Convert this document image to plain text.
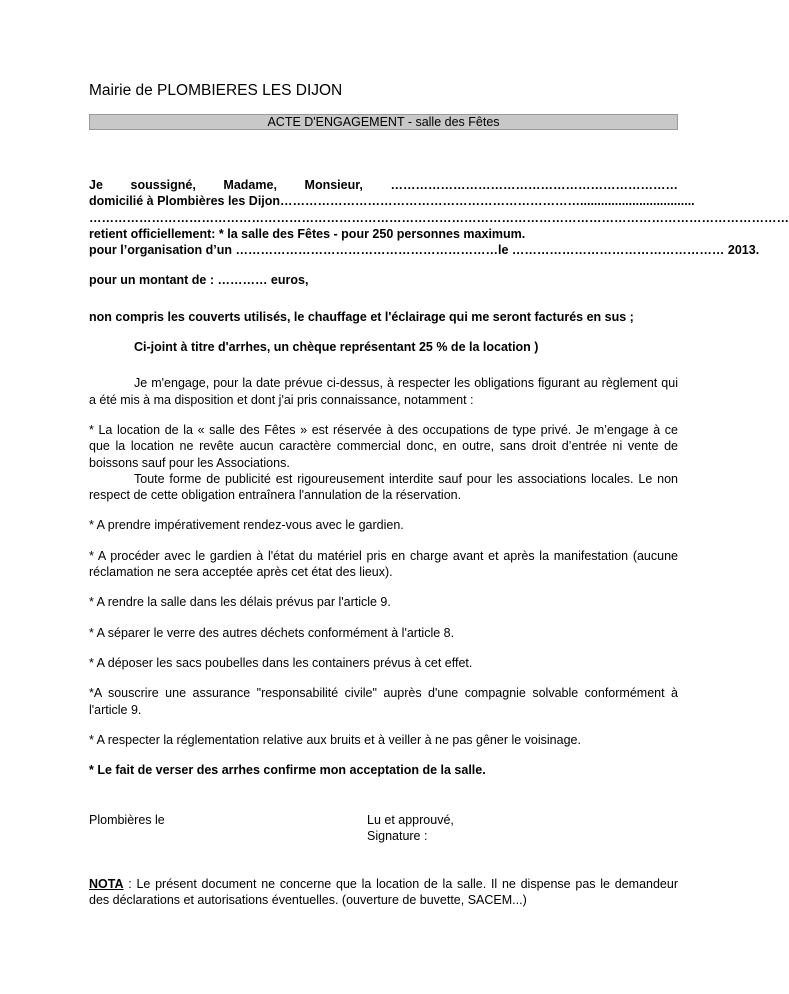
Mairie de PLOMBIERES LES DIJON
ACTE D'ENGAGEMENT - salle des Fêtes
Je soussigné, Madame, Monsieur, ……………………………………………………………
domicilié à Plombières les Dijon……………………………………………………………….................................
……………………………………………………………………………………………………………………………………………………
retient officiellement: * la salle des Fêtes - pour 250 personnes maximum.
pour l’organisation d’un ………………………………………………………le …………………………………………… 2013.

pour un montant de : ………… euros,

non compris les couverts utilisés, le chauffage et l'éclairage qui me seront facturés en sus ;

Ci-joint à titre d'arrhes, un chèque représentant 25 % de la location )

Je m'engage, pour la date prévue ci-dessus, à respecter les obligations figurant au règlement qui a été mis à ma disposition et dont j'ai pris connaissance, notamment :

* La location de la « salle des Fêtes » est réservée à des occupations de type privé. Je m’engage à ce que la location ne revête aucun caractère commercial donc, en outre, sans droit d’entrée ni vente de boissons sauf pour les Associations.

Toute forme de publicité est rigoureusement interdite sauf pour les associations locales. Le non respect de cette obligation entraînera l'annulation de la réservation.

* A prendre impérativement rendez-vous avec le gardien.

* A procéder avec le gardien à l'état du matériel pris en charge avant et après la manifestation (aucune réclamation ne sera acceptée après cet état des lieux).

* A rendre la salle dans les délais prévus par l'article 9.

* A séparer le verre des autres déchets conformément à l'article 8.

* A déposer les sacs poubelles dans les containers prévus à cet effet.

*A souscrire une assurance "responsabilité civile" auprès d'une compagnie solvable conformément à l'article 9.

* A respecter la réglementation relative aux bruits et à veiller à ne pas gêner le voisinage.

* Le fait de verser des arrhes confirme mon acceptation de la salle.

Plombières le	Lu et approuvé,
Signature :
NOTA : Le présent document ne concerne que la location de la salle. Il ne dispense pas le demandeur des déclarations et autorisations éventuelles. (ouverture de buvette, SACEM...)
